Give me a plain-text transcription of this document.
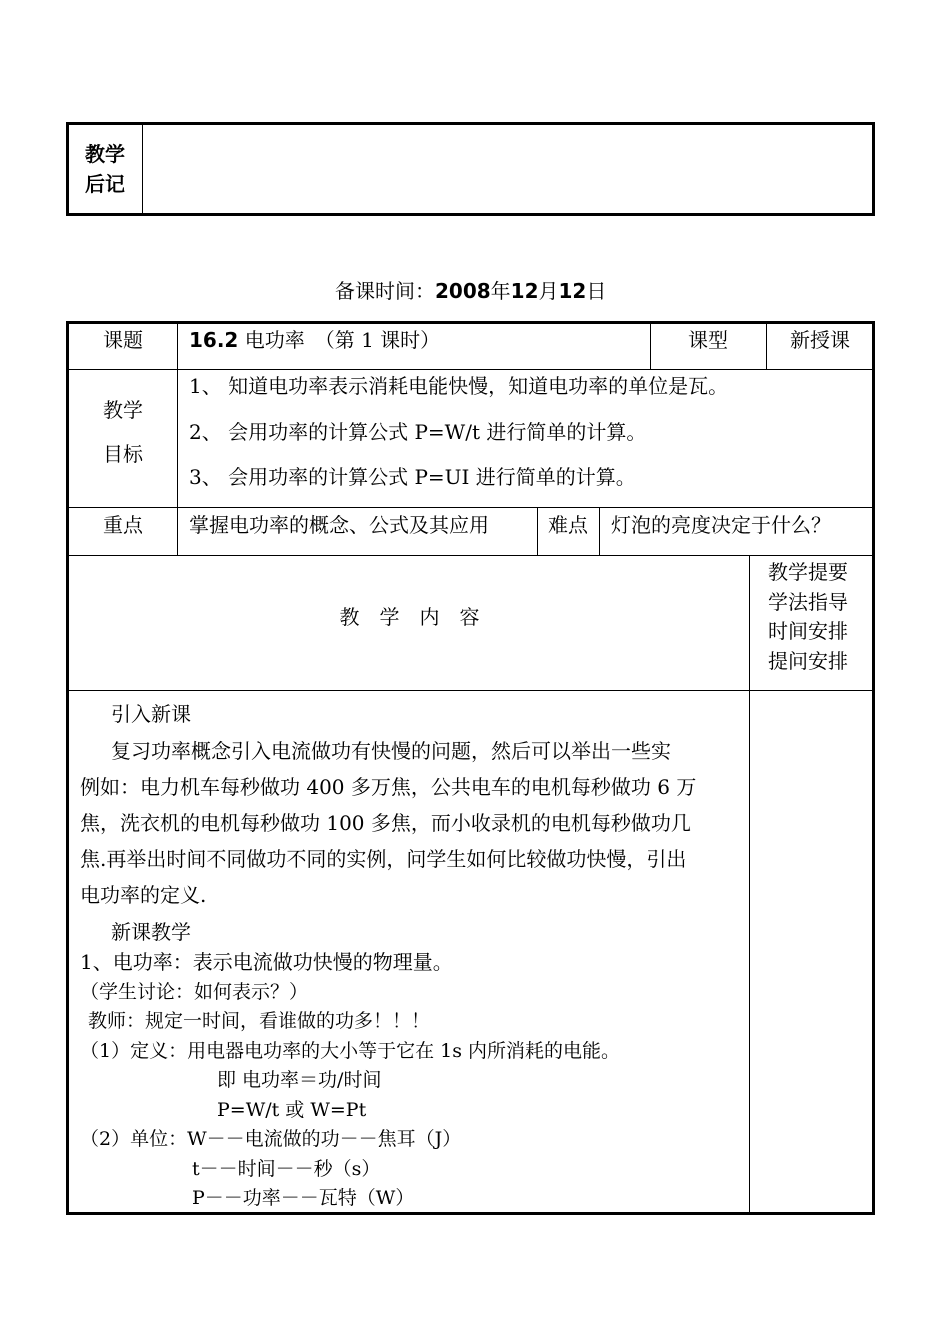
教学
后记
备课时间：2008年12月12日
课题	16.2 电功率　（第 1 课时）	课型	新授课
教学
目标
1、 知道电功率表示消耗电能快慢，知道电功率的单位是瓦。
2、 会用功率的计算公式 P=W/t 进行简单的计算。
3、 会用功率的计算公式 P=UI 进行简单的计算。
重点	掌握电功率的概念、公式及其应用	难点 灯泡的亮度决定于什么？
教　学　内　容
教学提要
学法指导
时间安排
提问安排
引入新课
复习功率概念引入电流做功有快慢的问题，然后可以举出一些实
例如：电力机车每秒做功 400 多万焦，公共电车的电机每秒做功 6 万
焦，洗衣机的电机每秒做功 100 多焦，而小收录机的电机每秒做功几
焦.再举出时间不同做功不同的实例，问学生如何比较做功快慢，引出
电功率的定义.
新课教学
1、电功率：表示电流做功快慢的物理量。
（学生讨论：如何表示？）
教师：规定一时间，看谁做的功多！！！
（1）定义：用电器电功率的大小等于它在 1s 内所消耗的电能。
即 电功率＝功/时间
P=W/t 或 W=Pt
（2）单位：W－－电流做的功－－焦耳（J）
t－－时间－－秒（s）
P－－功率－－瓦特（W）
